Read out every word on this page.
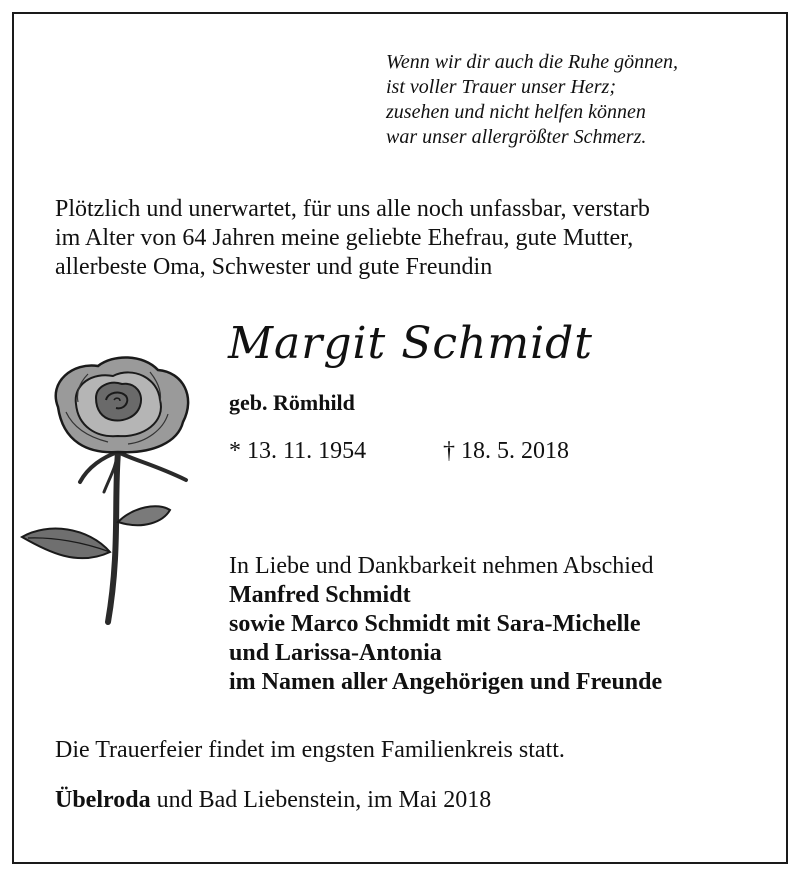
Wenn wir dir auch die Ruhe gönnen,
ist voller Trauer unser Herz;
zusehen und nicht helfen können
war unser allergrößter Schmerz.
Plötzlich und unerwartet, für uns alle noch unfassbar, verstarb
im Alter von 64 Jahren meine geliebte Ehefrau, gute Mutter,
allerbeste Oma, Schwester und gute Freundin
Margit Schmidt
geb. Römhild
* 13. 11. 1954	† 18. 5. 2018
In Liebe und Dankbarkeit nehmen Abschied
Manfred Schmidt
sowie Marco Schmidt mit Sara-Michelle
und Larissa-Antonia
im Namen aller Angehörigen und Freunde
Die Trauerfeier findet im engsten Familienkreis statt.
Übelroda und Bad Liebenstein, im Mai 2018
